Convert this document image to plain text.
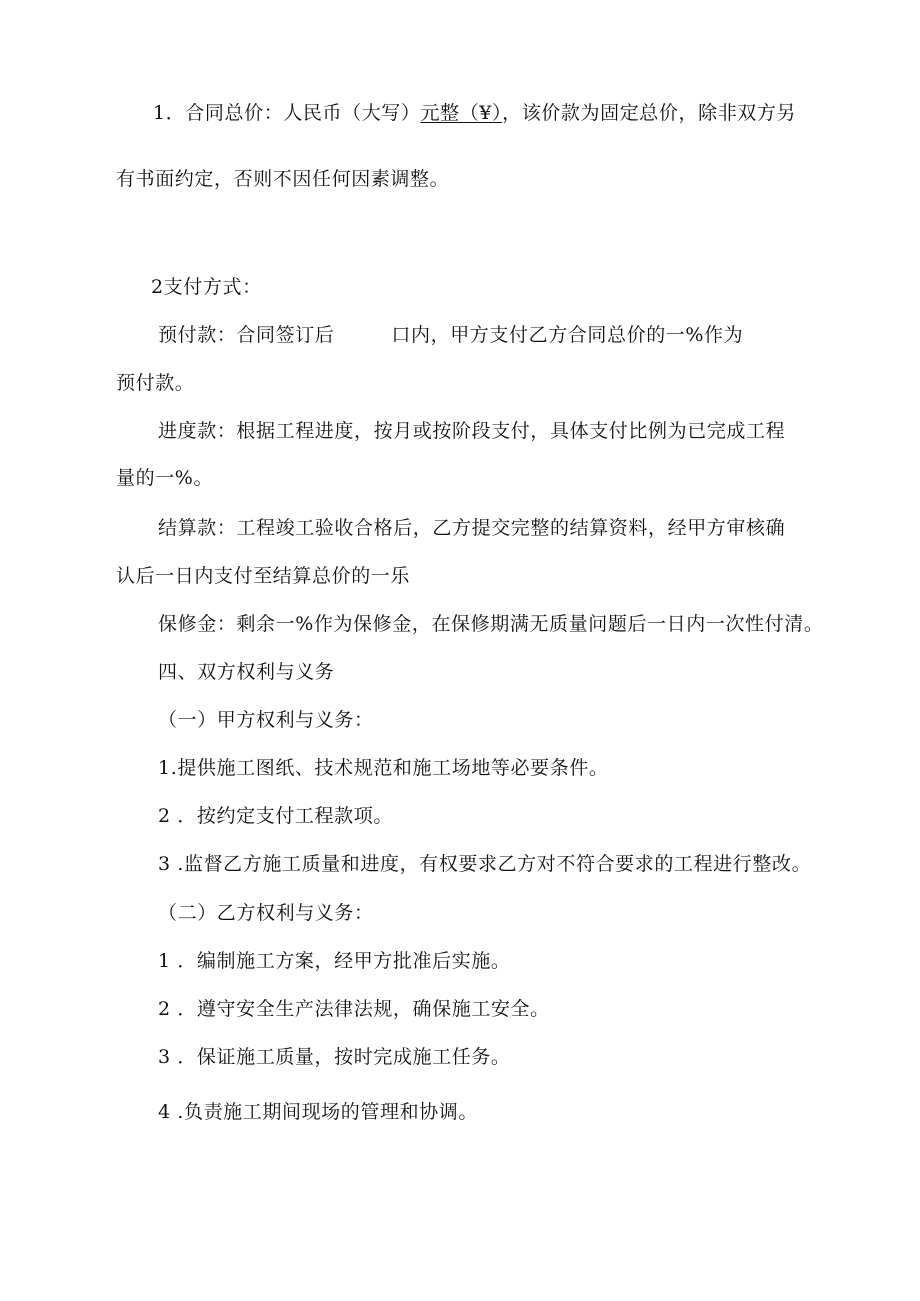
1．合同总价：人民币（大写）元整（¥），该价款为固定总价，除非双方另
有书面约定，否则不因任何因素调整。
2支付方式：
预付款：合同签订后	口内，甲方支付乙方合同总价的一%作为
预付款。
进度款：根据工程进度，按月或按阶段支付，具体支付比例为已完成工程
量的一%。
结算款：工程竣工验收合格后，乙方提交完整的结算资料，经甲方审核确
认后一日内支付至结算总价的一乐
保修金：剩余一%作为保修金，在保修期满无质量问题后一日内一次性付清。
四、双方权利与义务
（一）甲方权利与义务：
1.提供施工图纸、技术规范和施工场地等必要条件。
2 ．按约定支付工程款项。
3 .监督乙方施工质量和进度，有权要求乙方对不符合要求的工程进行整改。
（二）乙方权利与义务：
1 ．编制施工方案，经甲方批准后实施。
2 ．遵守安全生产法律法规，确保施工安全。
3 ．保证施工质量，按时完成施工任务。
4 .负责施工期间现场的管理和协调。
